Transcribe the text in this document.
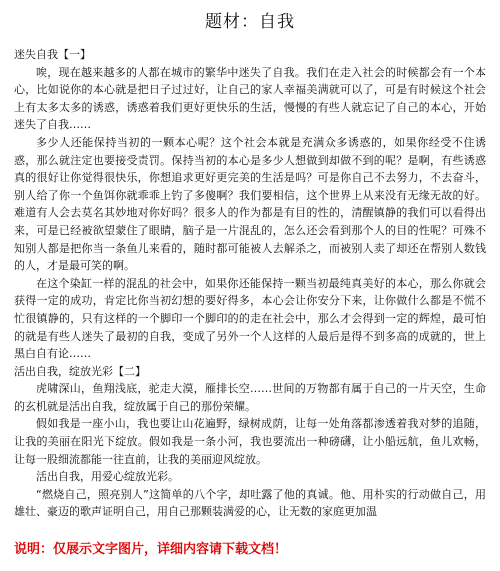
题材：自我

迷失自我【一】

唉，现在越来越多的人都在城市的繁华中迷失了自我。我们在走入社会的时候都会有一个本心，比如说你的本心就是把日子过过好，让自己的家人幸福美满就可以了，可是有时候这个社会上有太多太多的诱惑，诱惑着我们更好更快乐的生活，慢慢的有些人就忘记了自己的本心，开始迷失了自我……

多少人还能保持当初的一颗本心呢？这个社会本就是充满众多诱惑的，如果你经受不住诱惑，那么就注定也要接受责罚。保持当初的本心是多少人想做到却做不到的呢？是啊，有些诱惑真的很好让你觉得很快乐，你想追求更好更完美的生活是吗？可是你自己不去努力，不去奋斗，别人给了你一个鱼饵你就乖乖上钓了多傻啊？我们要相信，这个世界上从来没有无缘无故的好。难道有人会去莫名其妙地对你好吗？很多人的作为都是有目的性的，清醒镇静的我们可以看得出来，可是已经被欲望蒙住了眼睛，脑子是一片混乱的，怎么还会看到那个人的目的性呢？可殊不知别人都是把你当一条鱼儿来看的，随时都可能被人去解杀之，而被别人卖了却还在帮别人数钱的人，才是最可笑的啊。

在这个染缸一样的混乱的社会中，如果你还能保持一颗当初最纯真美好的本心，那么你就会获得一定的成功，肯定比你当初幻想的要好得多，本心会让你安分下来，让你做什么都是不慌不忙很镇静的，只有这样的一个脚印一个脚印的的走在社会中，那么才会得到一定的辉煌，最可怕的就是有些人迷失了最初的自我，变成了另外一个人这样的人最后是得不到多高的成就的，世上黑白自有论……

活出自我，绽放光彩【二】

虎啸深山，鱼翔浅底，驼走大漠，雁排长空……世间的万物都有属于自己的一片天空，生命的玄机就是活出自我，绽放属于自己的那份荣耀。

假如我是一座小山，我也要让山花遍野，绿树成荫，让每一处角落都渗透着我对梦的追随，让我的美丽在阳光下绽放。假如我是一条小河，我也要流出一种磅礴，让小船远航，鱼儿欢畅，让每一股细流都能一往直前，让我的美丽迎风绽放。

活出自我，用爱心绽放光彩。

“燃烧自己，照亮别人”这简单的八个字，却吐露了他的真诚。他、用朴实的行动做自己，用雄壮、豪迈的歌声证明自己，用自己那颗装满爱的心，让无数的家庭更加温

说明：仅展示文字图片，详细内容请下载文档！
